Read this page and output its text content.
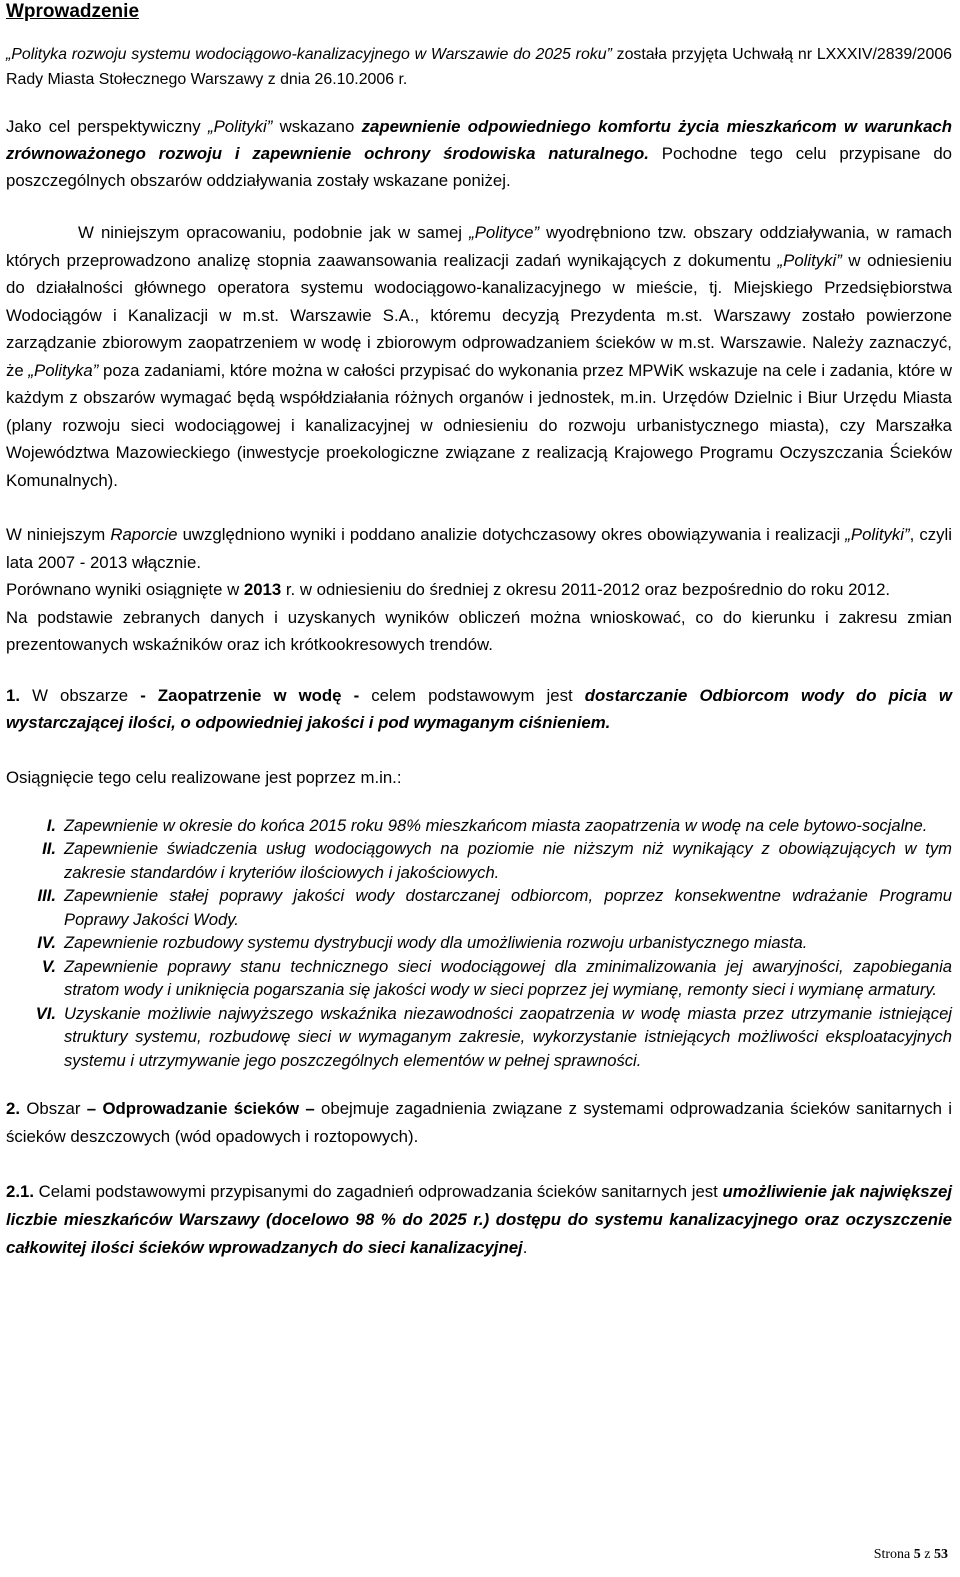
Wprowadzenie

„Polityka rozwoju systemu wodociągowo-kanalizacyjnego w Warszawie do 2025 roku” została przyjęta Uchwałą nr LXXXIV/2839/2006 Rady Miasta Stołecznego Warszawy z dnia 26.10.2006 r.

Jako cel perspektywiczny „Polityki” wskazano zapewnienie odpowiedniego komfortu życia mieszkańcom w warunkach zrównoważonego rozwoju i zapewnienie ochrony środowiska naturalnego. Pochodne tego celu przypisane do poszczególnych obszarów oddziaływania zostały wskazane poniżej.

W niniejszym opracowaniu, podobnie jak w samej „Polityce” wyodrębniono tzw. obszary oddziaływania, w ramach których przeprowadzono analizę stopnia zaawansowania realizacji zadań wynikających z dokumentu „Polityki” w odniesieniu do działalności głównego operatora systemu wodociągowo-kanalizacyjnego w mieście, tj. Miejskiego Przedsiębiorstwa Wodociągów i Kanalizacji w m.st. Warszawie S.A., któremu decyzją Prezydenta m.st. Warszawy zostało powierzone zarządzanie zbiorowym zaopatrzeniem w wodę i zbiorowym odprowadzaniem ścieków w m.st. Warszawie. Należy zaznaczyć, że „Polityka” poza zadaniami, które można w całości przypisać do wykonania przez MPWiK wskazuje na cele i zadania, które w każdym z obszarów wymagać będą współdziałania różnych organów i jednostek, m.in. Urzędów Dzielnic i Biur Urzędu Miasta (plany rozwoju sieci wodociągowej i kanalizacyjnej w odniesieniu do rozwoju urbanistycznego miasta), czy Marszałka Województwa Mazowieckiego (inwestycje proekologiczne związane z realizacją Krajowego Programu Oczyszczania Ścieków Komunalnych).

W niniejszym Raporcie uwzględniono wyniki i poddano analizie dotychczasowy okres obowiązywania i realizacji „Polityki”, czyli lata 2007 - 2013 włącznie.
Porównano wyniki osiągnięte w 2013 r. w odniesieniu do średniej z okresu 2011-2012 oraz bezpośrednio do roku 2012.
Na podstawie zebranych danych i uzyskanych wyników obliczeń można wnioskować, co do kierunku i zakresu zmian prezentowanych wskaźników oraz ich krótkookresowych trendów.

1. W obszarze - Zaopatrzenie w wodę - celem podstawowym jest dostarczanie Odbiorcom wody do picia w wystarczającej ilości, o odpowiedniej jakości i pod wymaganym ciśnieniem.

Osiągnięcie tego celu realizowane jest poprzez m.in.:

I. Zapewnienie w okresie do końca 2015 roku 98% mieszkańcom miasta zaopatrzenia w wodę na cele bytowo-socjalne.
II. Zapewnienie świadczenia usług wodociągowych na poziomie nie niższym niż wynikający z obowiązujących w tym zakresie standardów i kryteriów ilościowych i jakościowych.
III. Zapewnienie stałej poprawy jakości wody dostarczanej odbiorcom, poprzez konsekwentne wdrażanie Programu Poprawy Jakości Wody.
IV. Zapewnienie rozbudowy systemu dystrybucji wody dla umożliwienia rozwoju urbanistycznego miasta.
V. Zapewnienie poprawy stanu technicznego sieci wodociągowej dla zminimalizowania jej awaryjności, zapobiegania stratom wody i uniknięcia pogarszania się jakości wody w sieci poprzez jej wymianę, remonty sieci i wymianę armatury.
VI. Uzyskanie możliwie najwyższego wskaźnika niezawodności zaopatrzenia w wodę miasta przez utrzymanie istniejącej struktury systemu, rozbudowę sieci w wymaganym zakresie, wykorzystanie istniejących możliwości eksploatacyjnych systemu i utrzymywanie jego poszczególnych elementów w pełnej sprawności.

2. Obszar – Odprowadzanie ścieków – obejmuje zagadnienia związane z systemami odprowadzania ścieków sanitarnych i ścieków deszczowych (wód opadowych i roztopowych).

2.1. Celami podstawowymi przypisanymi do zagadnień odprowadzania ścieków sanitarnych jest umożliwienie jak największej liczbie mieszkańców Warszawy (docelowo 98 % do 2025 r.) dostępu do systemu kanalizacyjnego oraz oczyszczenie całkowitej ilości ścieków wprowadzanych do sieci kanalizacyjnej.

Strona 5 z 53
